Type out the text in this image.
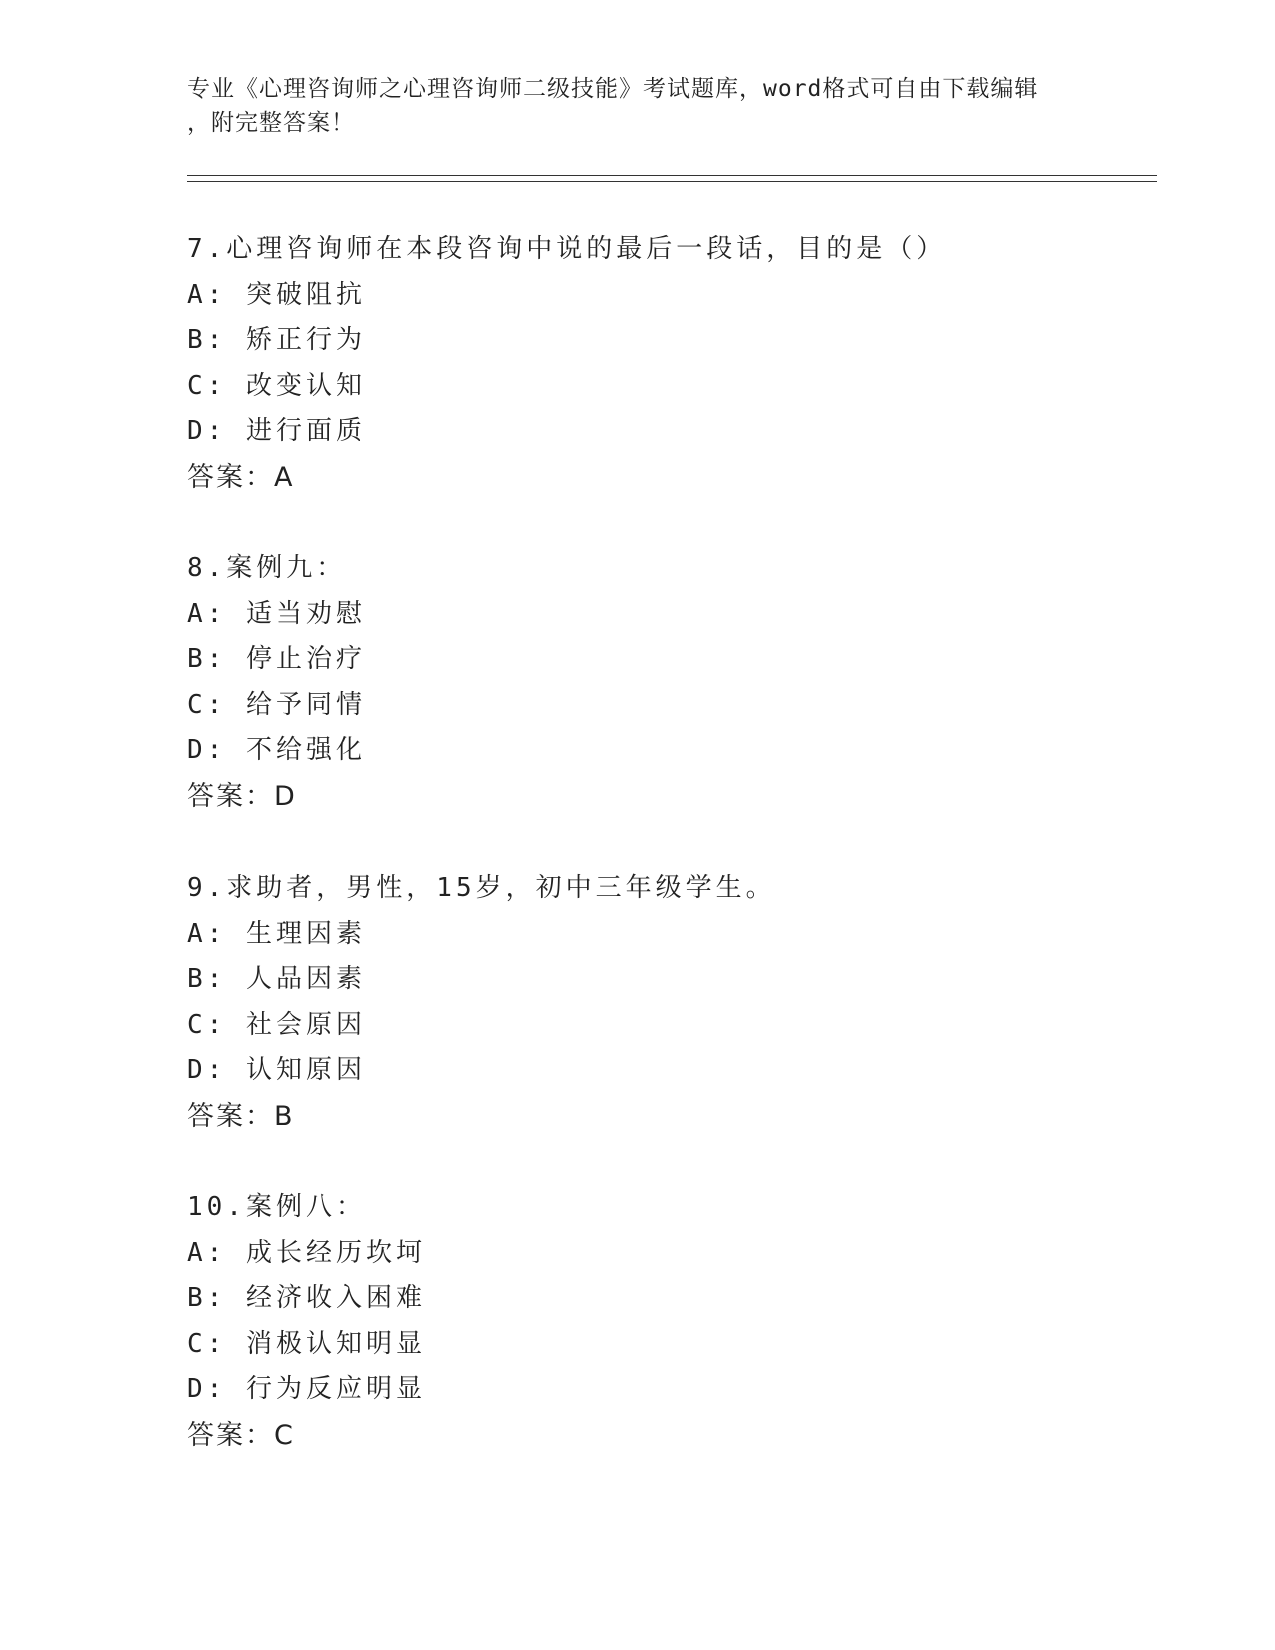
专业《心理咨询师之心理咨询师二级技能》考试题库，word格式可自由下载编辑
，附完整答案！
7.心理咨询师在本段咨询中说的最后一段话，目的是（）
A: 突破阻抗
B: 矫正行为
C: 改变认知
D: 进行面质
答案：A
8.案例九：
A: 适当劝慰
B: 停止治疗
C: 给予同情
D: 不给强化
答案：D
9.求助者，男性，15岁，初中三年级学生。
A: 生理因素
B: 人品因素
C: 社会原因
D: 认知原因
答案：B
10.案例八：
A: 成长经历坎坷
B: 经济收入困难
C: 消极认知明显
D: 行为反应明显
答案：C
